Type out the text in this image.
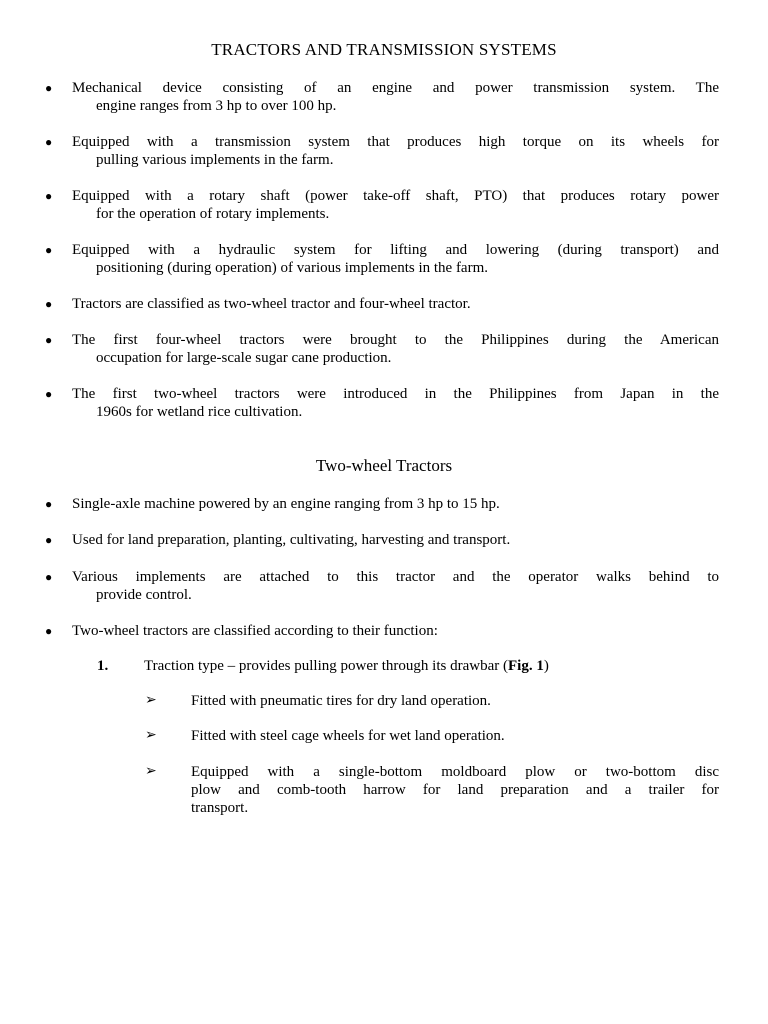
TRACTORS AND TRANSMISSION SYSTEMS
●	Mechanical device consisting of an engine and power transmission system. The
engine ranges from 3 hp to over 100 hp.
●	Equipped with a transmission system that produces high torque on its wheels for
pulling various implements in the farm.
●	Equipped with a rotary shaft (power take-off shaft, PTO) that produces rotary power
for the operation of rotary implements.
●	Equipped with a hydraulic system for lifting and lowering (during transport) and
positioning (during operation) of various implements in the farm.
●	Tractors are classified as two-wheel tractor and four-wheel tractor.
●	The first four-wheel tractors were brought to the Philippines during the American
occupation for large-scale sugar cane production.
●	The first two-wheel tractors were introduced in the Philippines from Japan in the
1960s for wetland rice cultivation.
Two-wheel Tractors
●	Single-axle machine powered by an engine ranging from 3 hp to 15 hp.
●	Used for land preparation, planting, cultivating, harvesting and transport.
●	Various implements are attached to this tractor and the operator walks behind to
provide control.
●	Two-wheel tractors are classified according to their function:
1. Traction type – provides pulling power through its drawbar (Fig. 1)
➢ Fitted with pneumatic tires for dry land operation.
➢ Fitted with steel cage wheels for wet land operation.
➢ Equipped with a single-bottom moldboard plow or two-bottom disc
plow and comb-tooth harrow for land preparation and a trailer for
transport.
